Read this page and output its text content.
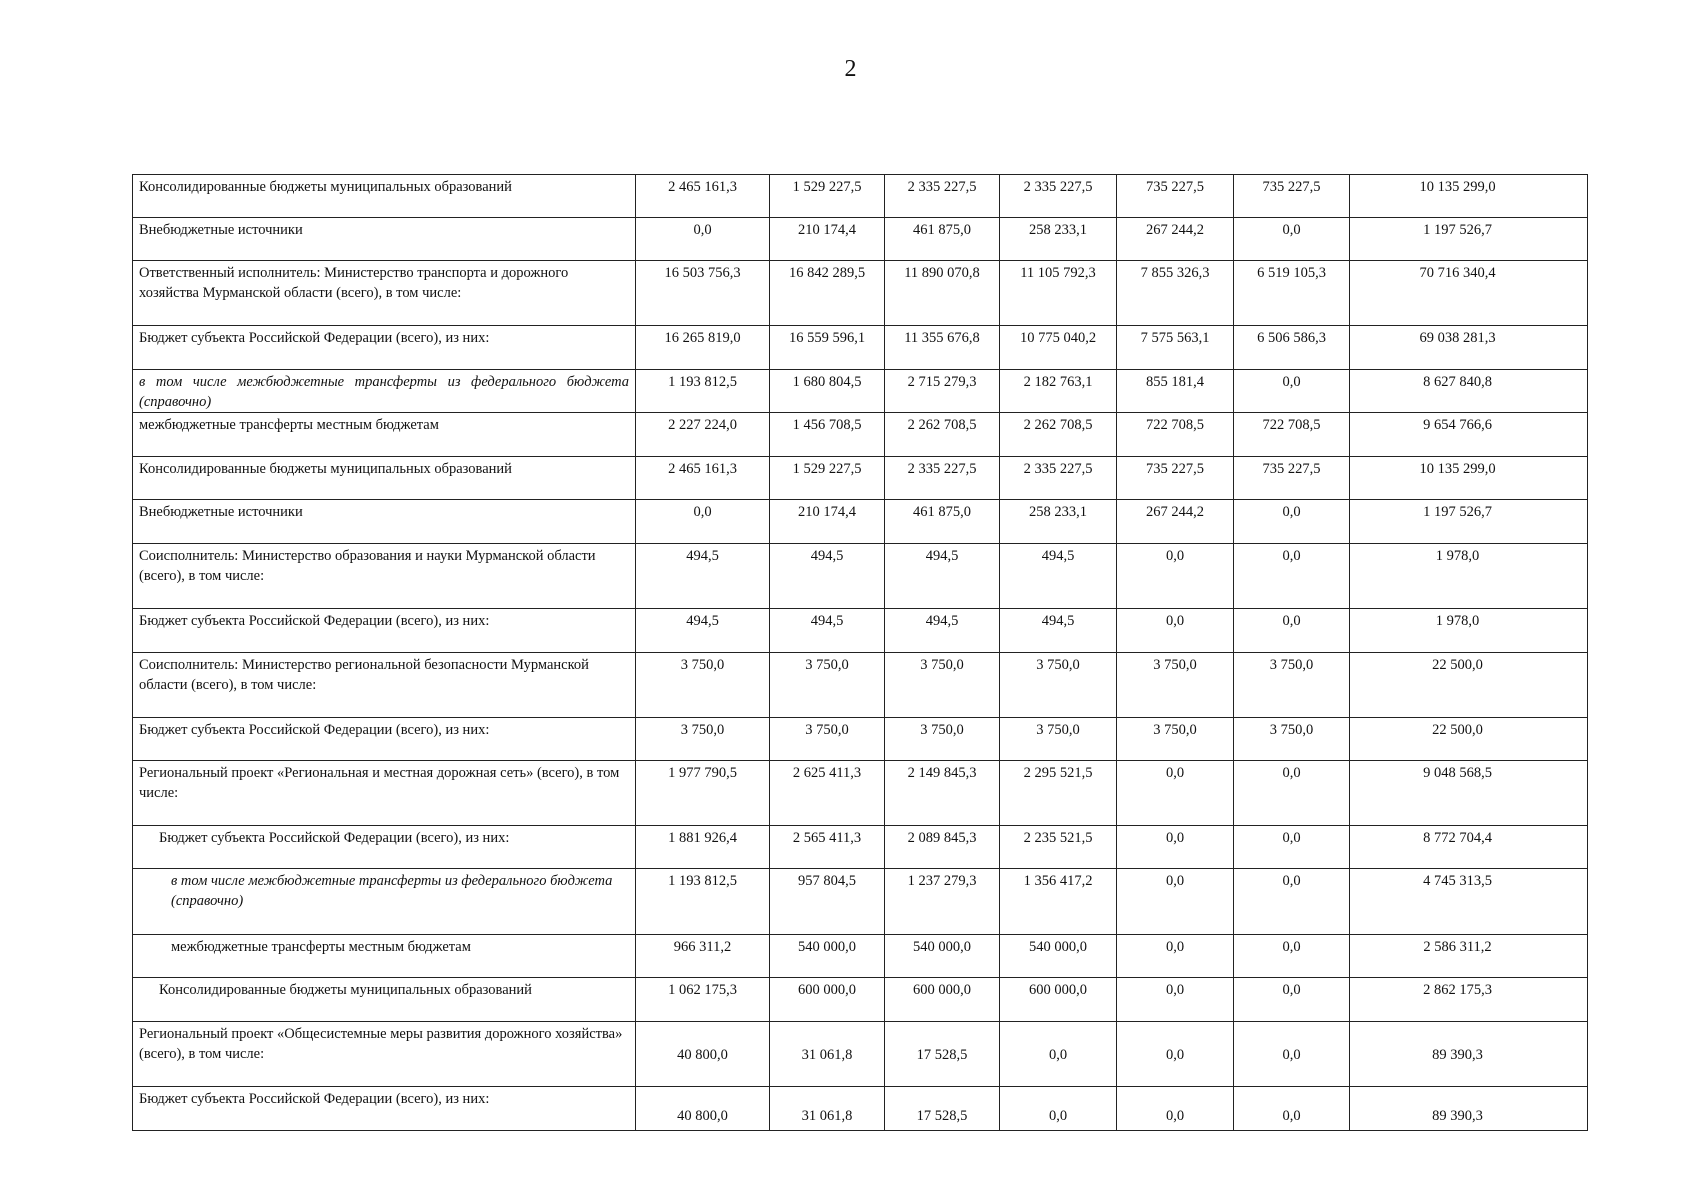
2
Консолидированные бюджеты муниципальных образований	2 465 161,3	1 529 227,5	2 335 227,5	2 335 227,5	735 227,5	735 227,5	10 135 299,0
Внебюджетные источники	0,0	210 174,4	461 875,0	258 233,1	267 244,2	0,0	1 197 526,7
Ответственный исполнитель: Министерство транспорта и дорожного хозяйства Мурманской области (всего), в том числе:	16 503 756,3	16 842 289,5	11 890 070,8	11 105 792,3	7 855 326,3	6 519 105,3	70 716 340,4
Бюджет субъекта Российской Федерации (всего), из них:	16 265 819,0	16 559 596,1	11 355 676,8	10 775 040,2	7 575 563,1	6 506 586,3	69 038 281,3
в том числе межбюджетные трансферты из федерального бюджета (справочно)	1 193 812,5	1 680 804,5	2 715 279,3	2 182 763,1	855 181,4	0,0	8 627 840,8
межбюджетные трансферты местным бюджетам	2 227 224,0	1 456 708,5	2 262 708,5	2 262 708,5	722 708,5	722 708,5	9 654 766,6
Консолидированные бюджеты муниципальных образований	2 465 161,3	1 529 227,5	2 335 227,5	2 335 227,5	735 227,5	735 227,5	10 135 299,0
Внебюджетные источники	0,0	210 174,4	461 875,0	258 233,1	267 244,2	0,0	1 197 526,7
Соисполнитель: Министерство образования и науки Мурманской области (всего), в том числе:	494,5	494,5	494,5	494,5	0,0	0,0	1 978,0
Бюджет субъекта Российской Федерации (всего), из них:	494,5	494,5	494,5	494,5	0,0	0,0	1 978,0
Соисполнитель: Министерство региональной безопасности Мурманской области (всего), в том числе:	3 750,0	3 750,0	3 750,0	3 750,0	3 750,0	3 750,0	22 500,0
Бюджет субъекта Российской Федерации (всего), из них:	3 750,0	3 750,0	3 750,0	3 750,0	3 750,0	3 750,0	22 500,0
Региональный проект «Региональная и местная дорожная сеть» (всего), в том числе:	1 977 790,5	2 625 411,3	2 149 845,3	2 295 521,5	0,0	0,0	9 048 568,5
Бюджет субъекта Российской Федерации (всего), из них:	1 881 926,4	2 565 411,3	2 089 845,3	2 235 521,5	0,0	0,0	8 772 704,4
в том числе межбюджетные трансферты из федерального бюджета (справочно)	1 193 812,5	957 804,5	1 237 279,3	1 356 417,2	0,0	0,0	4 745 313,5
межбюджетные трансферты местным бюджетам	966 311,2	540 000,0	540 000,0	540 000,0	0,0	0,0	2 586 311,2
Консолидированные бюджеты муниципальных образований	1 062 175,3	600 000,0	600 000,0	600 000,0	0,0	0,0	2 862 175,3
Региональный проект «Общесистемные меры развития дорожного хозяйства» (всего), в том числе:	40 800,0	31 061,8	17 528,5	0,0	0,0	0,0	89 390,3
Бюджет субъекта Российской Федерации (всего), из них:	40 800,0	31 061,8	17 528,5	0,0	0,0	0,0	89 390,3
